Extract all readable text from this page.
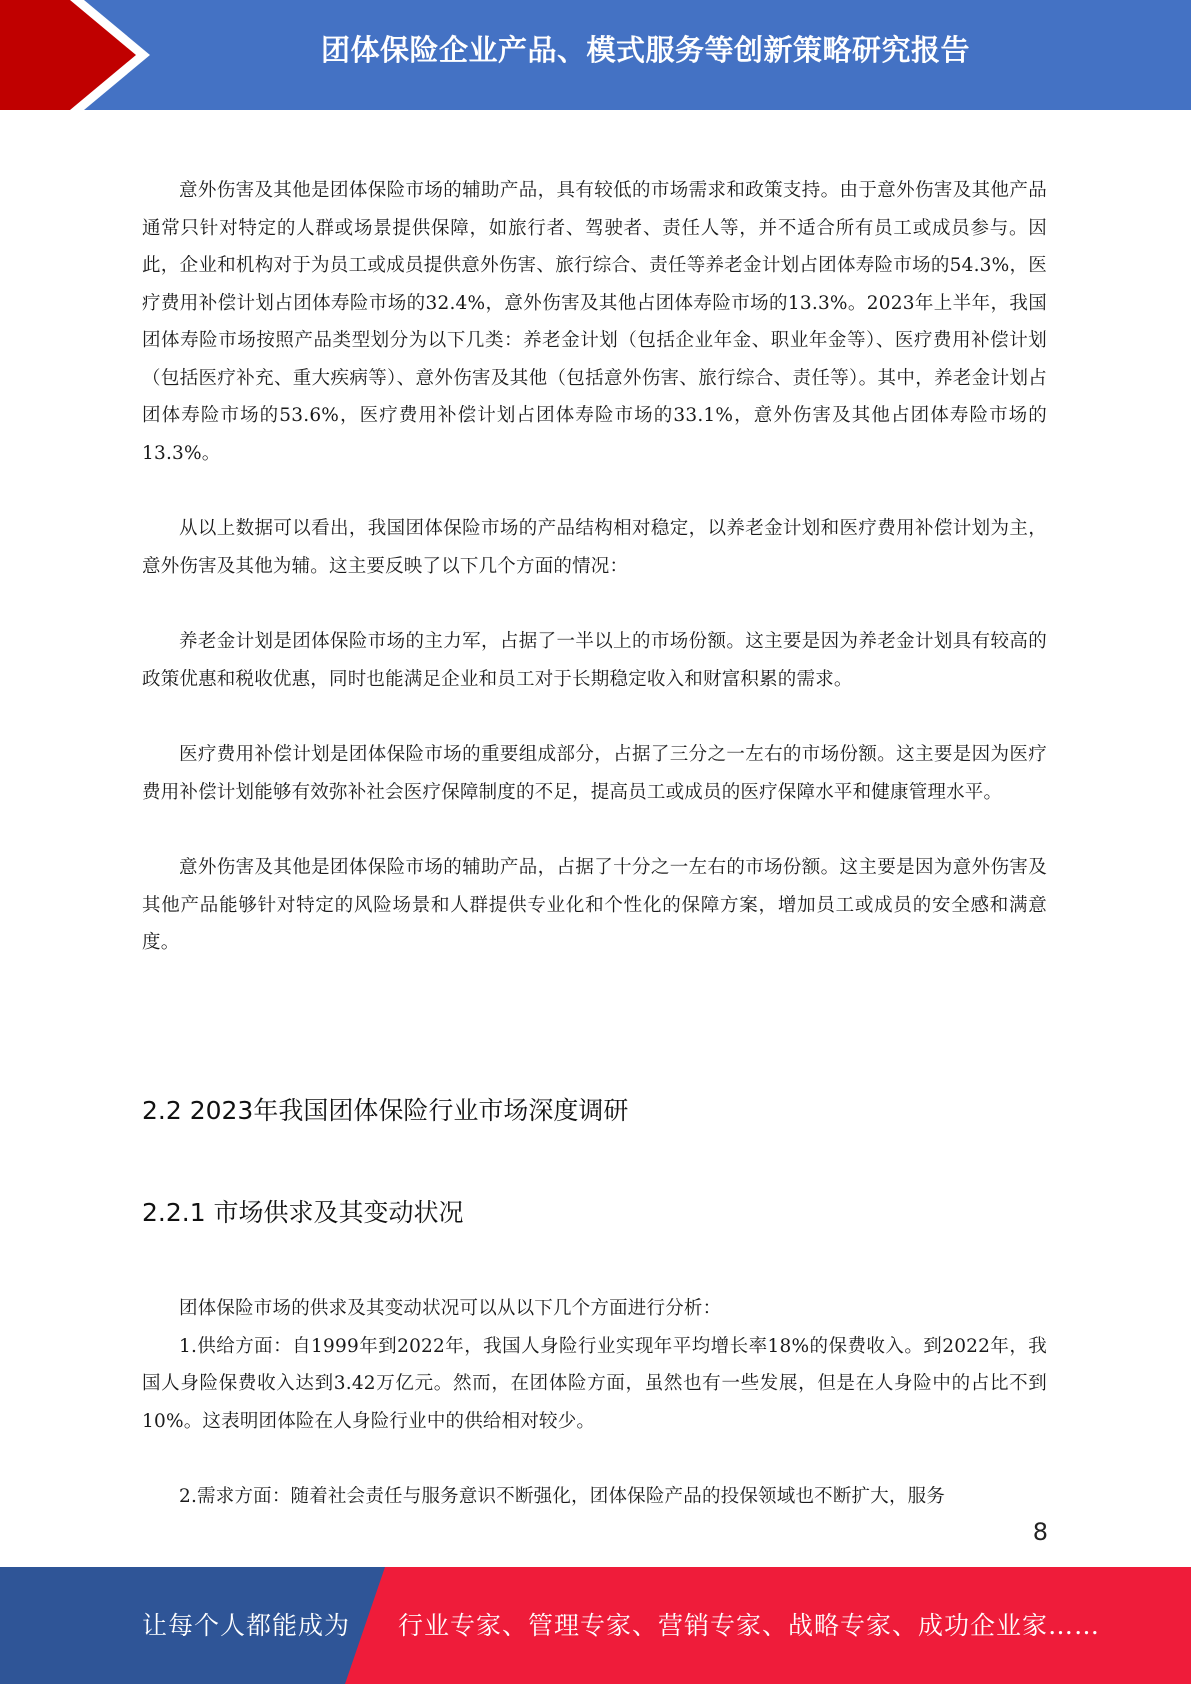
团体保险企业产品、模式服务等创新策略研究报告

意外伤害及其他是团体保险市场的辅助产品，具有较低的市场需求和政策支持。由于意外伤害及其他产品通常只针对特定的人群或场景提供保障，如旅行者、驾驶者、责任人等，并不适合所有员工或成员参与。因此，企业和机构对于为员工或成员提供意外伤害、旅行综合、责任等养老金计划占团体寿险市场的54.3%，医疗费用补偿计划占团体寿险市场的32.4%，意外伤害及其他占团体寿险市场的13.3%。2023年上半年，我国团体寿险市场按照产品类型划分为以下几类：养老金计划（包括企业年金、职业年金等）、医疗费用补偿计划（包括医疗补充、重大疾病等）、意外伤害及其他（包括意外伤害、旅行综合、责任等）。其中，养老金计划占团体寿险市场的53.6%，医疗费用补偿计划占团体寿险市场的33.1%，意外伤害及其他占团体寿险市场的13.3%。

从以上数据可以看出，我国团体保险市场的产品结构相对稳定，以养老金计划和医疗费用补偿计划为主，意外伤害及其他为辅。这主要反映了以下几个方面的情况：

养老金计划是团体保险市场的主力军，占据了一半以上的市场份额。这主要是因为养老金计划具有较高的政策优惠和税收优惠，同时也能满足企业和员工对于长期稳定收入和财富积累的需求。

医疗费用补偿计划是团体保险市场的重要组成部分，占据了三分之一左右的市场份额。这主要是因为医疗费用补偿计划能够有效弥补社会医疗保障制度的不足，提高员工或成员的医疗保障水平和健康管理水平。

意外伤害及其他是团体保险市场的辅助产品，占据了十分之一左右的市场份额。这主要是因为意外伤害及其他产品能够针对特定的风险场景和人群提供专业化和个性化的保障方案，增加员工或成员的安全感和满意度。

2.2 2023年我国团体保险行业市场深度调研
2.2.1 市场供求及其变动状况

团体保险市场的供求及其变动状况可以从以下几个方面进行分析：

1.供给方面：自1999年到2022年，我国人身险行业实现年平均增长率18%的保费收入。到2022年，我国人身险保费收入达到3.42万亿元。然而，在团体险方面，虽然也有一些发展，但是在人身险中的占比不到10%。这表明团体险在人身险行业中的供给相对较少。

2.需求方面：随着社会责任与服务意识不断强化，团体保险产品的投保领域也不断扩大，服务

8
让每个人都能成为 行业专家、管理专家、营销专家、战略专家、成功企业家……
